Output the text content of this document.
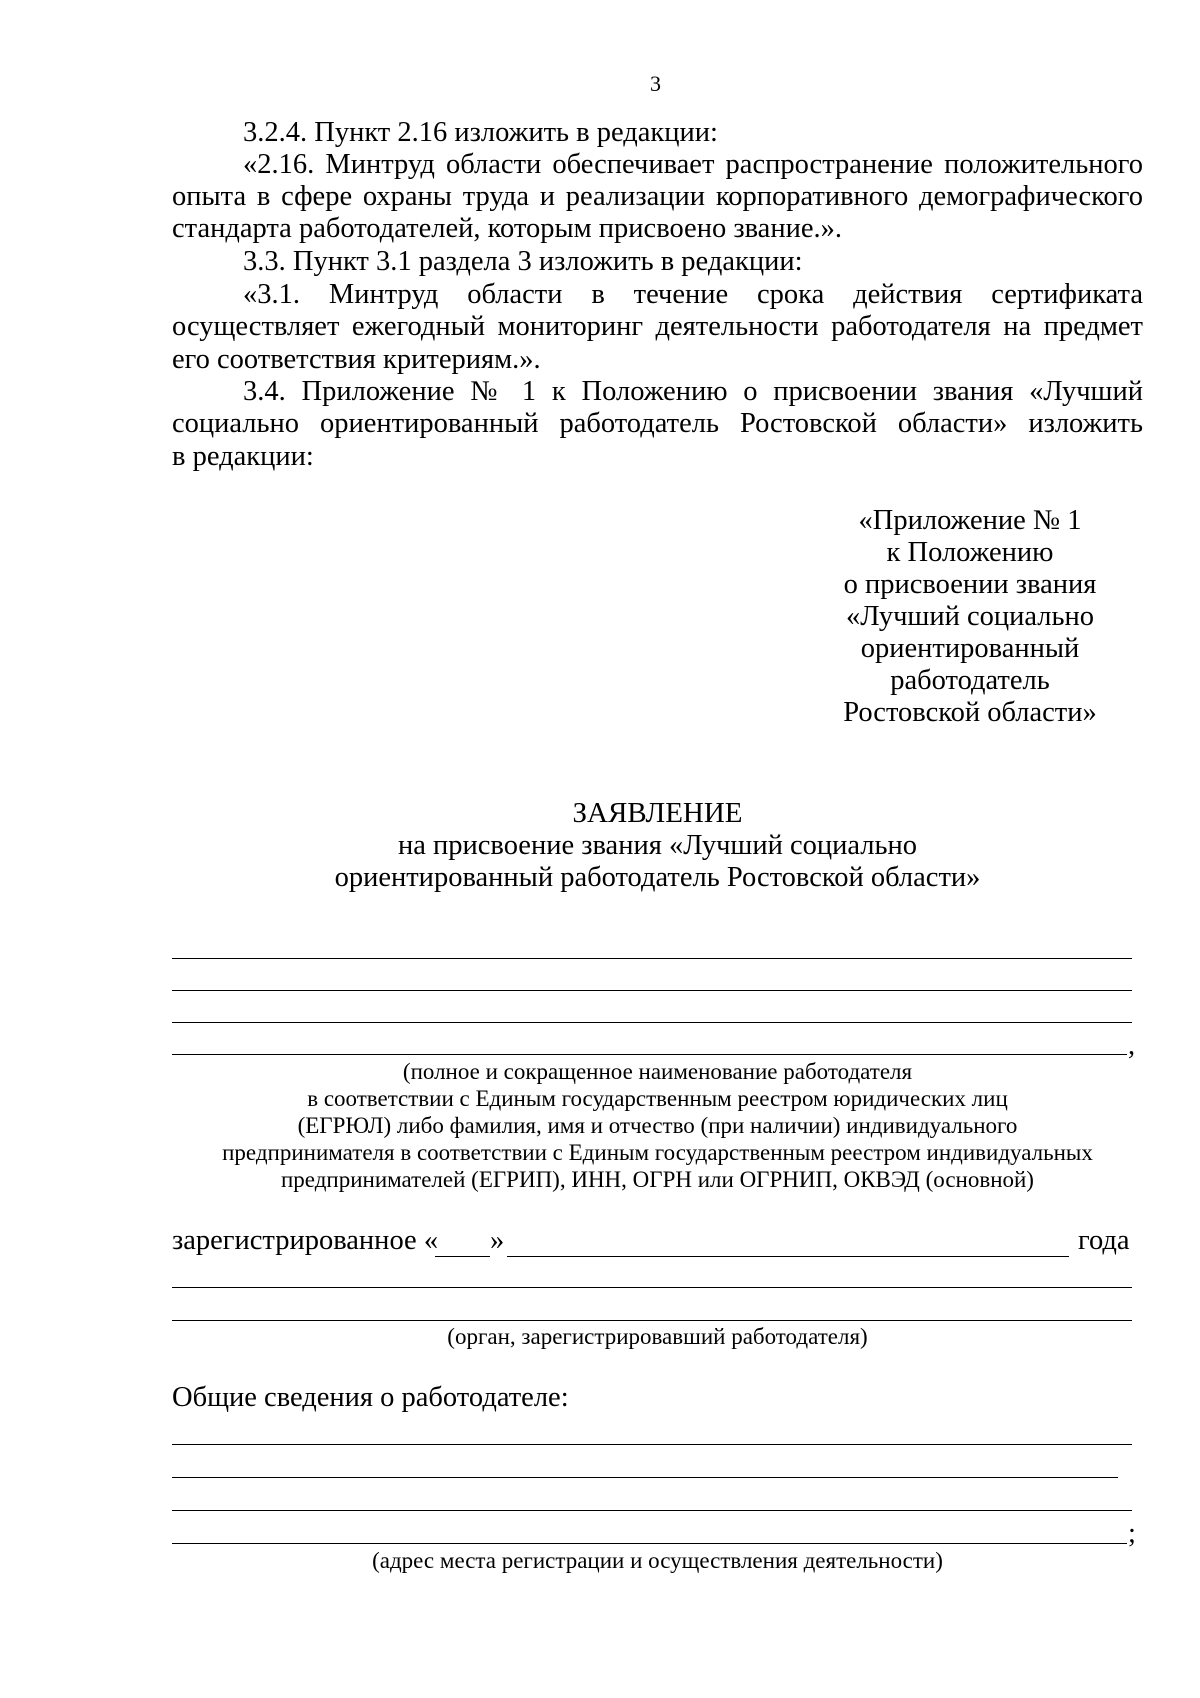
3
3.2.4. Пункт 2.16 изложить в редакции:
«2.16. Минтруд области обеспечивает распространение положительного
опыта в сфере охраны труда и реализации корпоративного демографического
стандарта работодателей, которым присвоено звание.».
3.3. Пункт 3.1 раздела 3 изложить в редакции:
«3.1. Минтруд области в течение срока действия сертификата
осуществляет ежегодный мониторинг деятельности работодателя на предмет
его соответствия критериям.».
3.4. Приложение № 1 к Положению о присвоении звания «Лучший
социально ориентированный работодатель Ростовской области» изложить
в редакции:
«Приложение № 1
к Положению
о присвоении звания
«Лучший социально
ориентированный
работодатель
Ростовской области»
ЗАЯВЛЕНИЕ
на присвоение звания «Лучший социально
ориентированный работодатель Ростовской области»
,
(полное и сокращенное наименование работодателя
в соответствии с Единым государственным реестром юридических лиц
(ЕГРЮЛ) либо фамилия, имя и отчество (при наличии) индивидуального
предпринимателя в соответствии с Единым государственным реестром индивидуальных
предпринимателей (ЕГРИП), ИНН, ОГРН или ОГРНИП, ОКВЭД (основной)
зарегистрированное « »	года
(орган, зарегистрировавший работодателя)
Общие сведения о работодателе:
;
(адрес места регистрации и осуществления деятельности)
